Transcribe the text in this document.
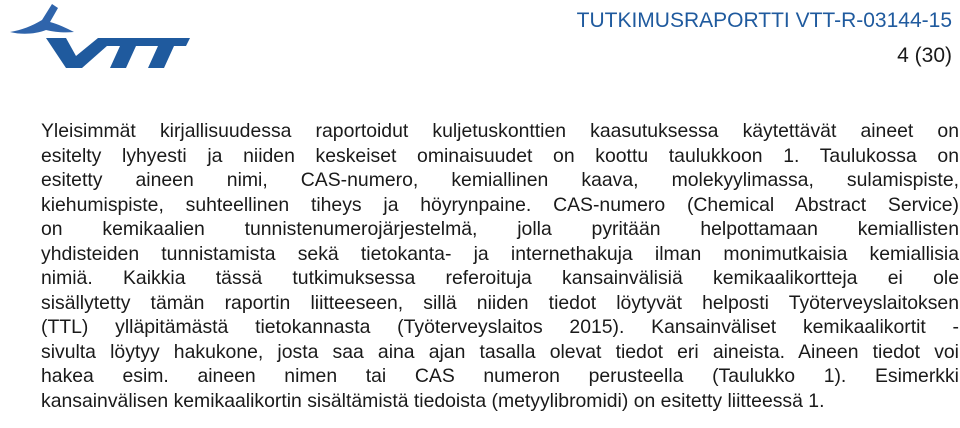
TUTKIMUSRAPORTTI VTT-R-03144-15
4 (30)
Yleisimmät kirjallisuudessa raportoidut kuljetuskonttien kaasutuksessa käytettävät aineet on
esitelty lyhyesti ja niiden keskeiset ominaisuudet on koottu taulukkoon 1. Taulukossa on
esitetty aineen nimi, CAS-numero, kemiallinen kaava, molekyylimassa, sulamispiste,
kiehumispiste, suhteellinen tiheys ja höyrynpaine. CAS-numero (Chemical Abstract Service)
on kemikaalien tunnistenumerojärjestelmä, jolla pyritään helpottamaan kemiallisten
yhdisteiden tunnistamista sekä tietokanta- ja internethakuja ilman monimutkaisia kemiallisia
nimiä. Kaikkia tässä tutkimuksessa referoituja kansainvälisiä kemikaalikortteja ei ole
sisällytetty tämän raportin liitteeseen, sillä niiden tiedot löytyvät helposti Työterveyslaitoksen
(TTL) ylläpitämästä tietokannasta (Työterveyslaitos 2015). Kansainväliset kemikaalikortit -
sivulta löytyy hakukone, josta saa aina ajan tasalla olevat tiedot eri aineista. Aineen tiedot voi
hakea esim. aineen nimen tai CAS numeron perusteella (Taulukko 1). Esimerkki
kansainvälisen kemikaalikortin sisältämistä tiedoista (metyylibromidi) on esitetty liitteessä 1.
